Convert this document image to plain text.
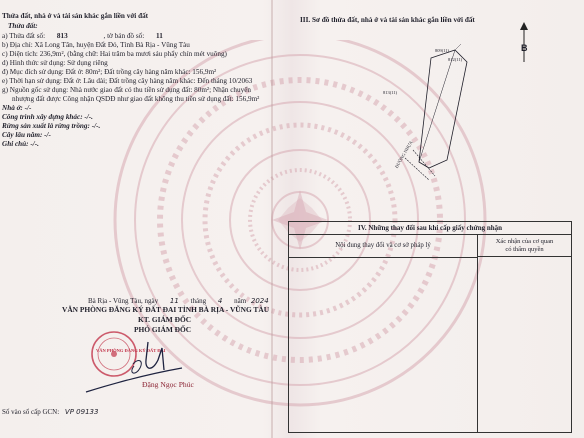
Thửa đất, nhà ở và tài sản khác gắn liền với đất
Thửa đất:
a) Thửa đất số: 813	, tờ bản đồ số: 11
b) Địa chỉ: Xã Long Tân, huyện Đất Đỏ, Tỉnh Bà Rịa - Vũng Tàu
c) Diện tích: 236,9m², (bằng chữ: Hai trăm ba mươi sáu phẩy chín mét vuông)
d) Hình thức sử dụng: Sử dụng riêng
đ) Mục đích sử dụng: Đất ở: 80m²; Đất trồng cây hàng năm khác: 156,9m²
e) Thời hạn sử dụng: Đất ở: Lâu dài; Đất trồng cây hàng năm khác: Đến tháng 10/2063
g) Nguồn gốc sử dụng: Nhà nước giao đất có thu tiền sử dụng đất: 80m²; Nhận chuyển
nhượng đất được Công nhận QSDĐ như giao đất không thu tiền sử dụng đất: 156,9m²
Nhà ở: -/-
Công trình xây dựng khác: -/-.
Rừng sản xuất là rừng trồng: -/-.
Cây lâu năm: -/-
Ghi chú: -/-.
Bà Rịa - Vũng Tàu, ngày 11 tháng 4 năm 2024
VĂN PHÒNG ĐĂNG KÝ ĐẤT ĐAI TỈNH BÀ RỊA - VŨNG TÀU
KT. GIÁM ĐỐC
PHÓ GIÁM ĐỐC
VĂN PHÒNG ĐĂNG KÝ ĐẤT ĐAI
Đặng Ngọc Phúc
Số vào sổ cấp GCN: VP 09133
III. Sơ đồ thửa đất, nhà ở và tài sản khác gắn liền với đất
B
809(11)
812(11)
813(11)
ĐƯỜNG NHỰA
IV. Những thay đổi sau khi cấp giấy chứng nhận
Nội dung thay đổi và cơ sở pháp lý
Xác nhận của cơ quan
có thẩm quyền
